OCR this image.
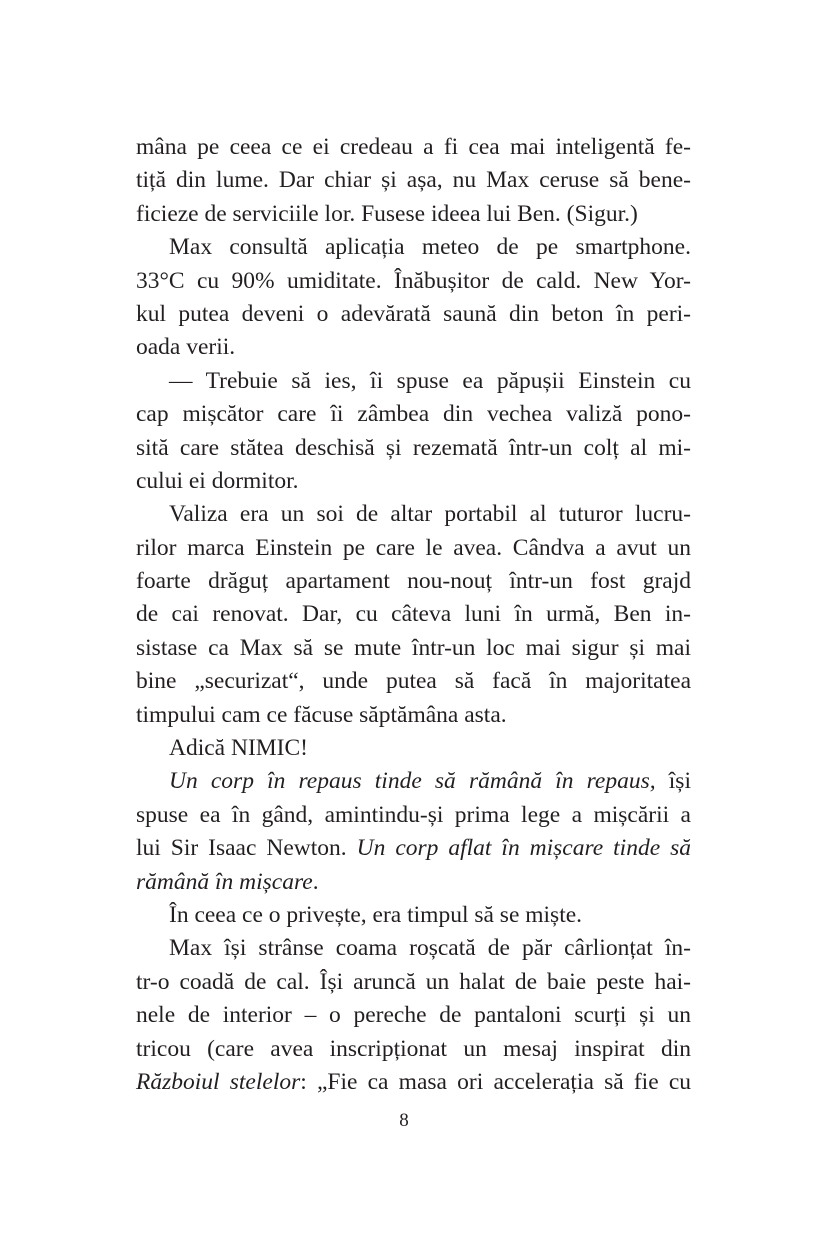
mâna pe ceea ce ei credeau a fi cea mai inteligentă fe-
tiță din lume. Dar chiar și așa, nu Max ceruse să bene-
ficieze de serviciile lor. Fusese ideea lui Ben. (Sigur.)
Max consultă aplicația meteo de pe smartphone.
33°C cu 90% umiditate. Înăbușitor de cald. New Yor-
kul putea deveni o adevărată saună din beton în peri-
oada verii.
— Trebuie să ies, îi spuse ea păpușii Einstein cu
cap mișcător care îi zâmbea din vechea valiză pono-
sită care stătea deschisă și rezemată într-un colț al mi-
cului ei dormitor.
Valiza era un soi de altar portabil al tuturor lucru-
rilor marca Einstein pe care le avea. Cândva a avut un
foarte drăguț apartament nou-nouț într-un fost grajd
de cai renovat. Dar, cu câteva luni în urmă, Ben in-
sistase ca Max să se mute într-un loc mai sigur și mai
bine „securizat“, unde putea să facă în majoritatea
timpului cam ce făcuse săptămâna asta.
Adică NIMIC!
Un corp în repaus tinde să rămână în repaus, își
spuse ea în gând, amintindu-și prima lege a mișcării a
lui Sir Isaac Newton. Un corp aflat în mișcare tinde să
rămână în mișcare.
În ceea ce o privește, era timpul să se miște.
Max își strânse coama roșcată de păr cârlionțat în-
tr-o coadă de cal. Își aruncă un halat de baie peste hai-
nele de interior – o pereche de pantaloni scurți și un
tricou (care avea inscripționat un mesaj inspirat din
Războiul stelelor: „Fie ca masa ori accelerația să fie cu
8
